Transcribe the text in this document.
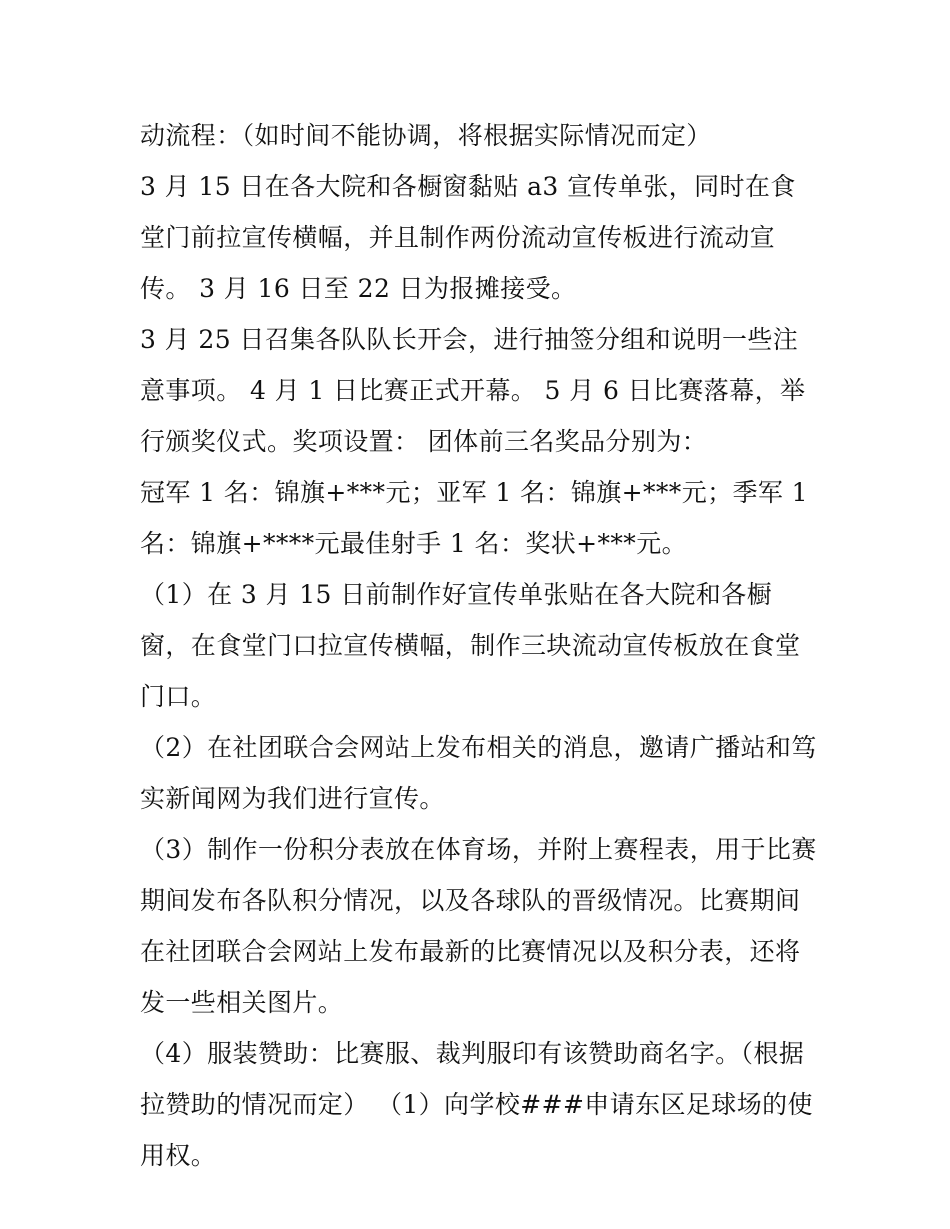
动流程：（如时间不能协调，将根据实际情况而定）

3 月 15 日在各大院和各橱窗黏贴 a3 宣传单张，同时在食堂门前拉宣传横幅，并且制作两份流动宣传板进行流动宣传。 3 月 16 日至 22 日为报摊接受。

3 月 25 日召集各队队长开会，进行抽签分组和说明一些注意事项。 4 月 1 日比赛正式开幕。 5 月 6 日比赛落幕，举行颁奖仪式。奖项设置： 团体前三名奖品分别为：

冠军 1 名：锦旗+***元；亚军 1 名：锦旗+***元；季军 1 名：锦旗+****元最佳射手 1 名：奖状+***元。

（1）在 3 月 15 日前制作好宣传单张贴在各大院和各橱窗，在食堂门口拉宣传横幅，制作三块流动宣传板放在食堂门口。

（2）在社团联合会网站上发布相关的消息，邀请广播站和笃实新闻网为我们进行宣传。

（3）制作一份积分表放在体育场，并附上赛程表，用于比赛期间发布各队积分情况，以及各球队的晋级情况。比赛期间在社团联合会网站上发布最新的比赛情况以及积分表，还将发一些相关图片。

（4）服装赞助：比赛服、裁判服印有该赞助商名字。（根据拉赞助的情况而定） （1）向学校###申请东区足球场的使用权。
